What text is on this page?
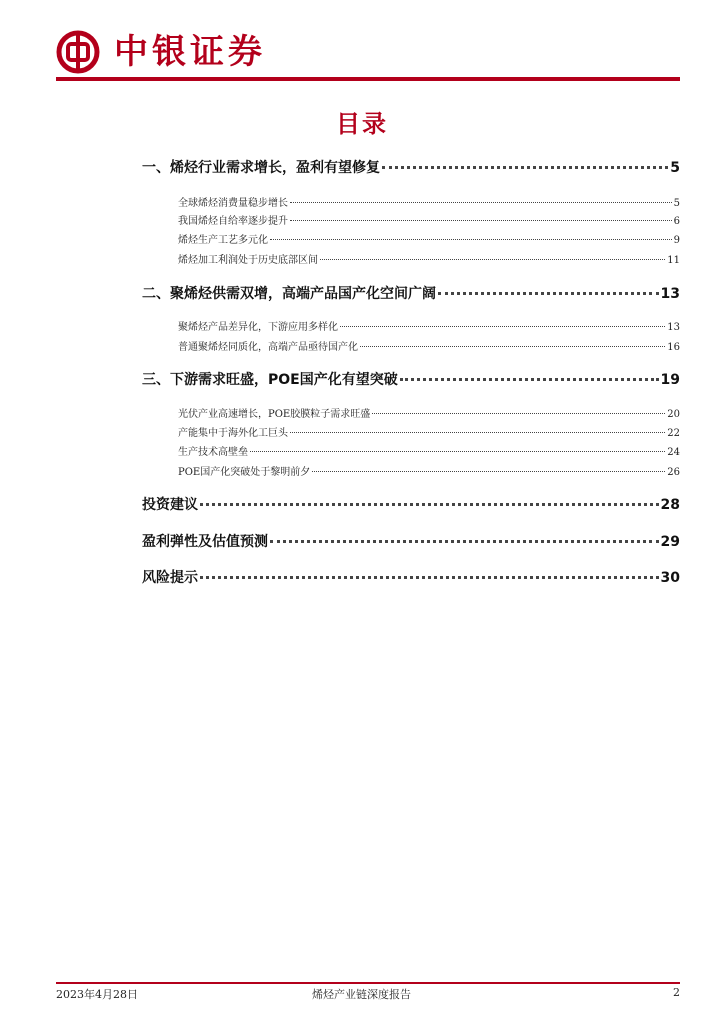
中银证券
目录
一、烯烃行业需求增长，盈利有望修复	5
全球烯烃消费量稳步增长	5
我国烯烃自给率逐步提升	6
烯烃生产工艺多元化	9
烯烃加工利润处于历史底部区间	11
二、聚烯烃供需双增，高端产品国产化空间广阔	13
聚烯烃产品差异化，下游应用多样化	13
普通聚烯烃同质化，高端产品亟待国产化	16
三、下游需求旺盛，POE国产化有望突破	19
光伏产业高速增长，POE胶膜粒子需求旺盛	20
产能集中于海外化工巨头	22
生产技术高壁垒	24
POE国产化突破处于黎明前夕	26
投资建议	28
盈利弹性及估值预测	29
风险提示	30
2023年4月28日	烯烃产业链深度报告	2
